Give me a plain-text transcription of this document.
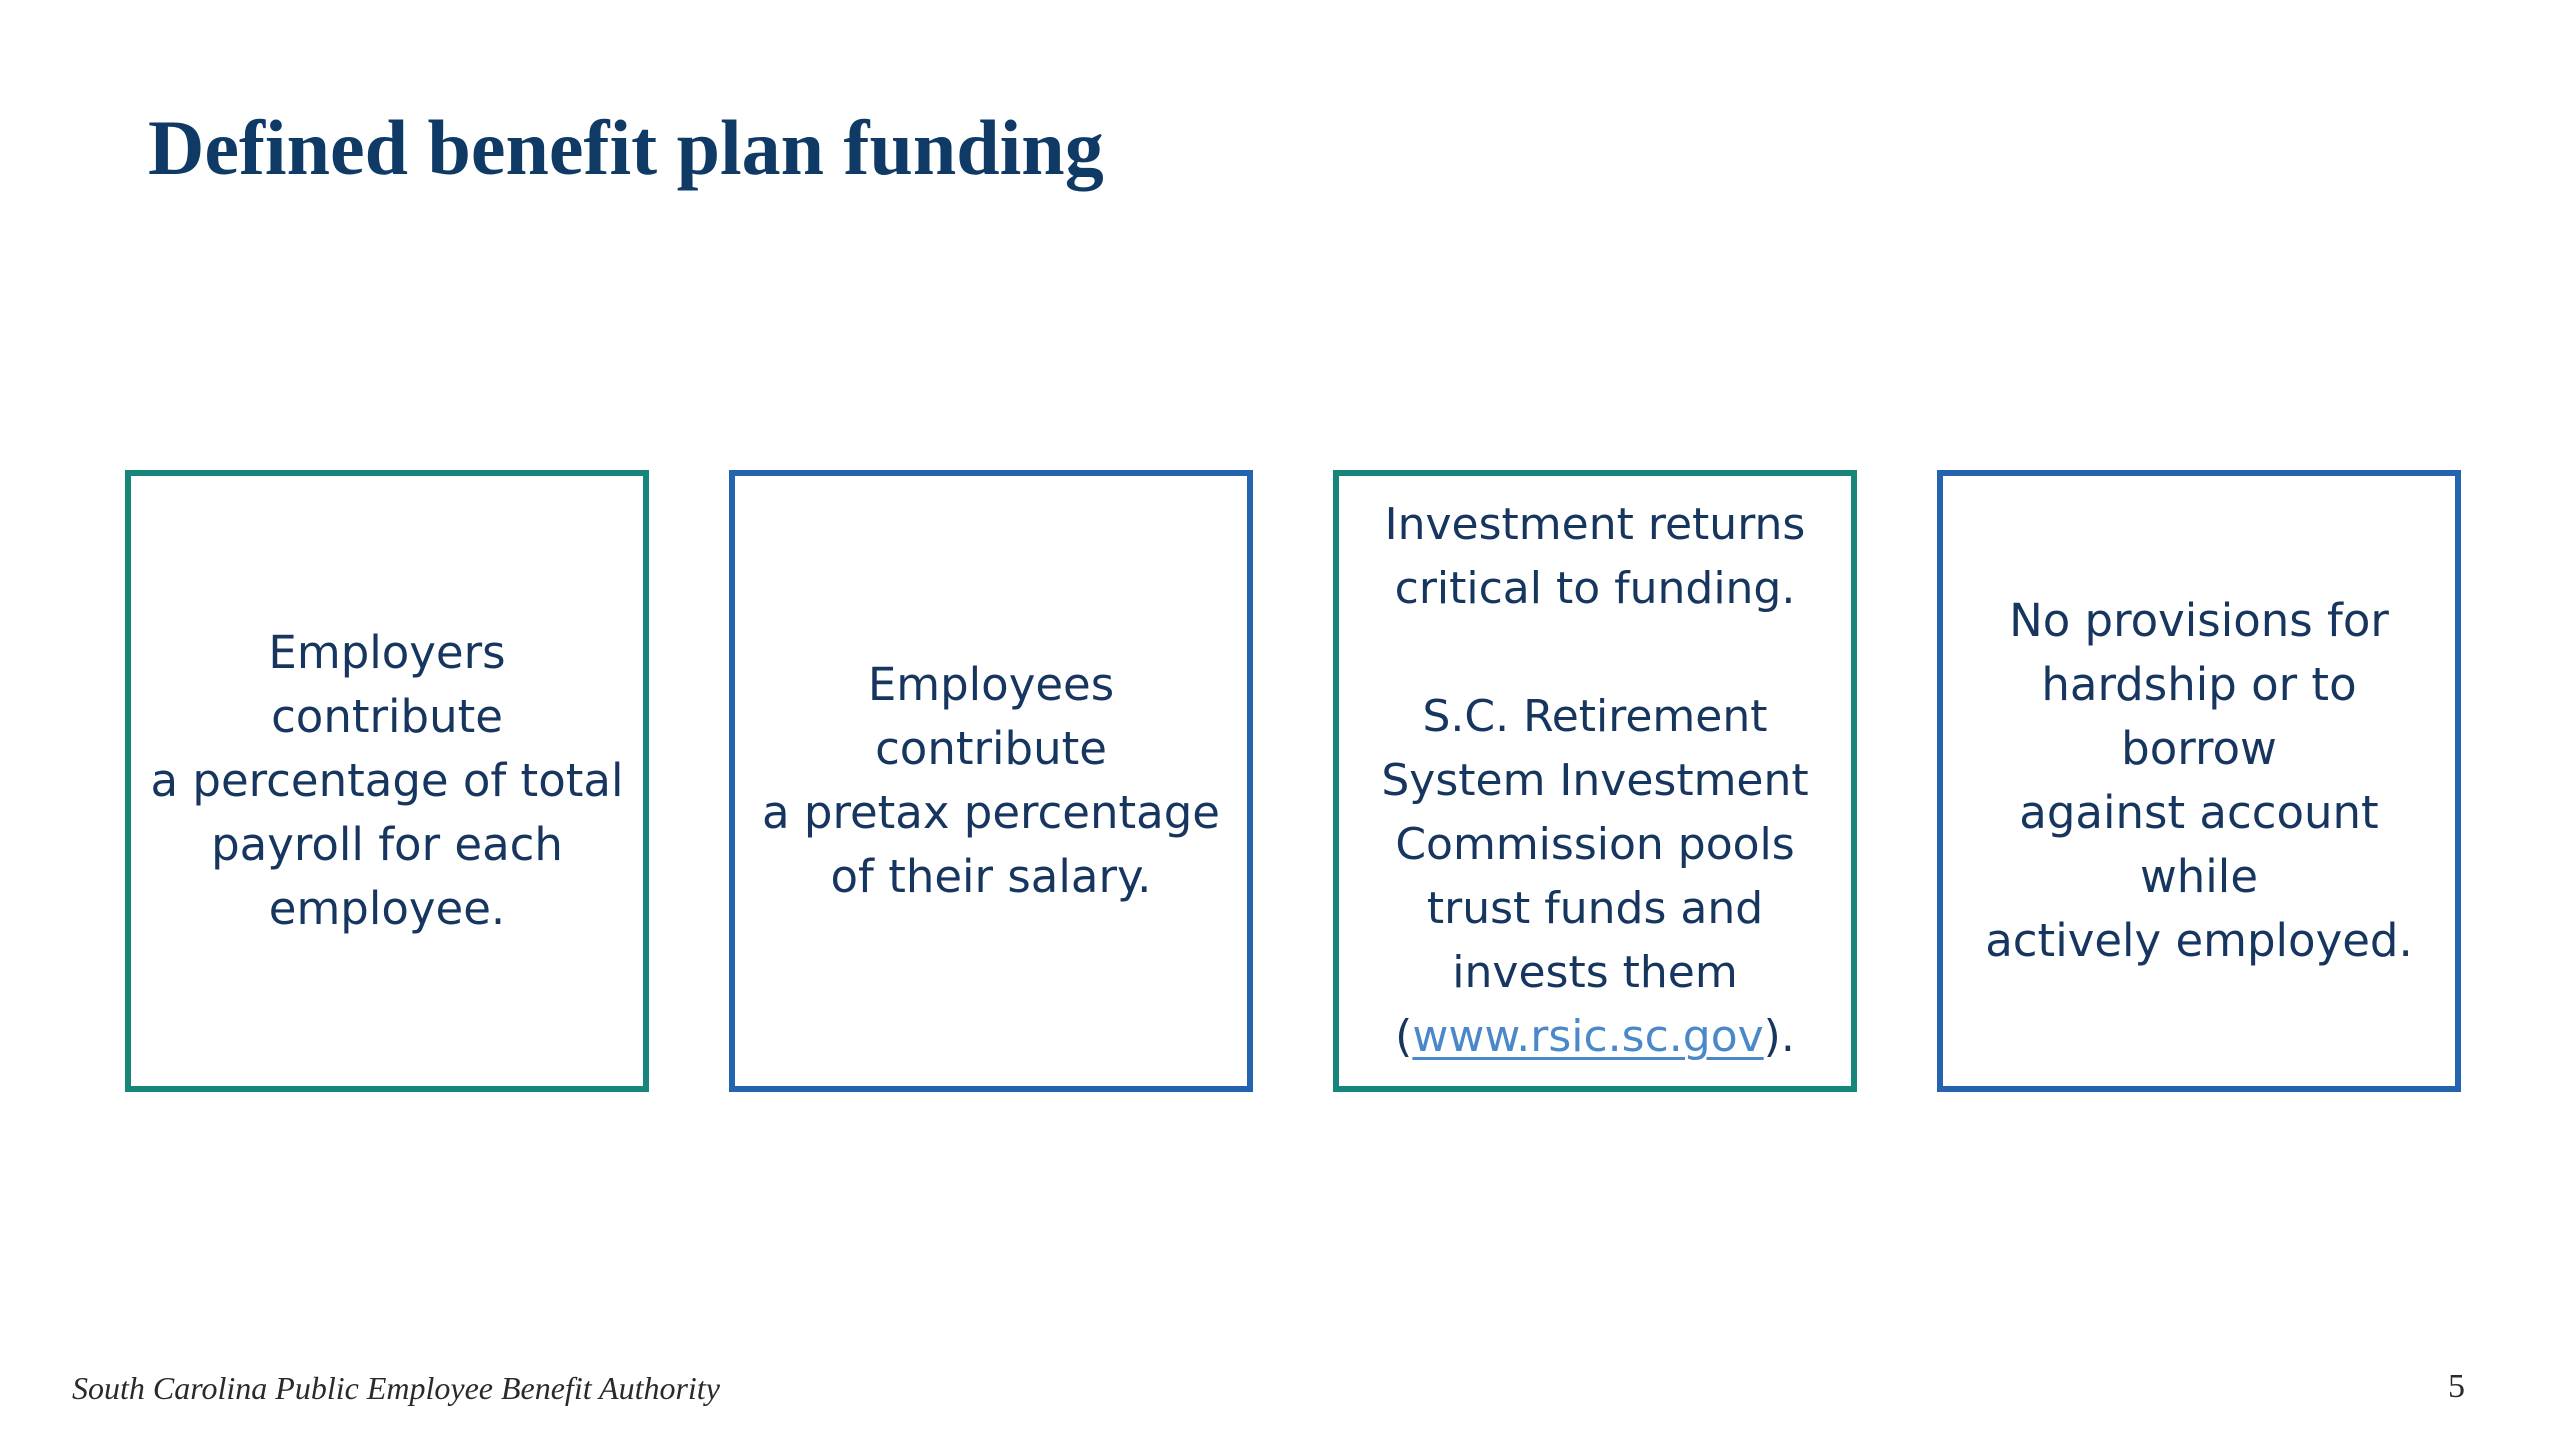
Defined benefit plan funding
Employers contribute
a percentage of total
payroll for each
employee.
Employees contribute
a pretax percentage
of their salary.
Investment returns
critical to funding.

S.C. Retirement
System Investment
Commission pools
trust funds and
invests them
(www.rsic.sc.gov).
No provisions for
hardship or to borrow
against account while
actively employed.

South Carolina Public Employee Benefit Authority	5
